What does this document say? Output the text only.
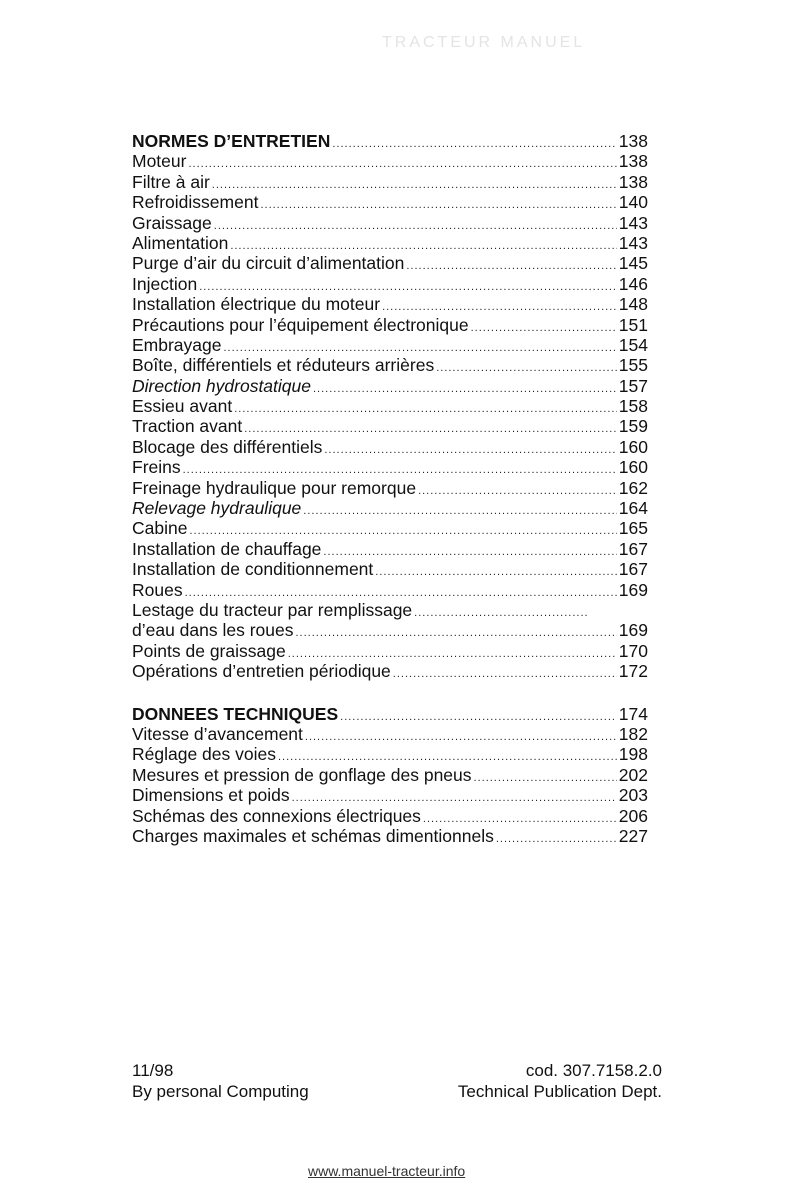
TRACTEUR MANUEL
NORMES D’ENTRETIEN .....	138
Moteur .....	138
Filtre à air .....	138
Refroidissement .....	140
Graissage .....	143
Alimentation .....	143
Purge d’air du circuit d’alimentation .....	145
Injection .....	146
Installation électrique du moteur .....	148
Précautions pour l’équipement électronique .....	151
Embrayage .....	154
Boîte, différentiels et réduteurs arrières .....	155
Direction hydrostatique .....	157
Essieu avant .....	158
Traction avant .....	159
Blocage des différentiels .....	160
Freins .....	160
Freinage hydraulique pour remorque .....	162
Relevage hydraulique .....	164
Cabine .....	165
Installation de chauffage .....	167
Installation de conditionnement .....	167
Roues .....	169
Lestage du tracteur par remplissage
.....
d’eau dans les roues .....	169
Points de graissage .....	170
Opérations d’entretien périodique .....	172
DONNEES TECHNIQUES .....	174
Vitesse d’avancement .....	182
Réglage des voies .....	198
Mesures et pression de gonflage des pneus .....	202
Dimensions et poids .....	203
Schémas des connexions électriques .....	206
Charges maximales et schémas dimentionnels .....	227
11/98
By personal Computing
cod. 307.7158.2.0
Technical Publication Dept.
www.manuel-tracteur.info
